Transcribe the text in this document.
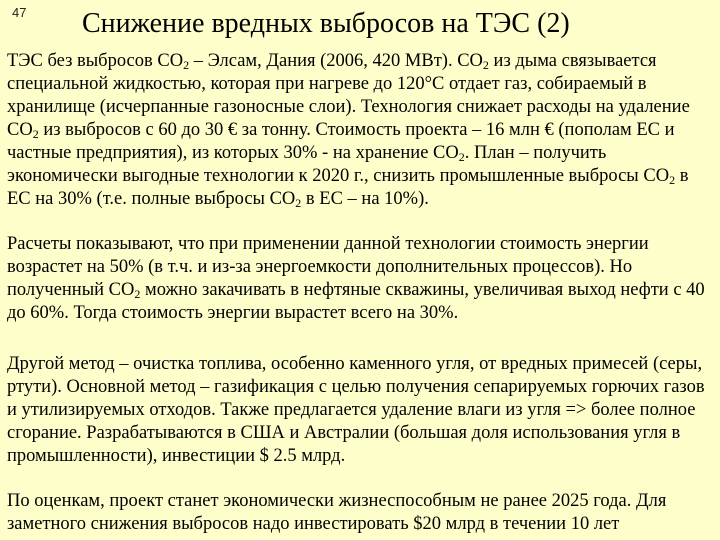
47 Снижение вредных выбросов на ТЭС (2)

ТЭС без выбросов $СО_2$ – Элсам, Дания (2006, 420 МВт). $СО_2$ из дыма связывается специальной жидкостью, которая при нагреве до 120°С отдает газ, собираемый в хранилище (исчерпанные газоносные слои). Технология снижает расходы на удаление $СО_2$ из выбросов с 60 до 30 € за тонну. Стоимость проекта – 16 млн € (пополам ЕС и частные предприятия), из которых 30% - на хранение $СО_2$. План – получить экономически выгодные технологии к 2020 г., снизить промышленные выбросы $СО_2$ в ЕС на 30% (т.е. полные выбросы $СО_2$ в ЕС – на 10%).

Расчеты показывают, что при применении данной технологии стоимость энергии возрастет на 50% (в т.ч. и из-за энергоемкости дополнительных процессов). Но полученный $СО_2$ можно закачивать в нефтяные скважины, увеличивая выход нефти с 40 до 60%. Тогда стоимость энергии вырастет всего на 30%.

Другой метод – очистка топлива, особенно каменного угля, от вредных примесей (серы, ртути). Основной метод – газификация с целью получения сепарируемых горючих газов и утилизируемых отходов. Также предлагается удаление влаги из угля => более полное сгорание. Разрабатываются в США и Австралии (большая доля использования угля в промышленности), инвестиции $ 2.5 млрд.

По оценкам, проект станет экономически жизнеспособным не ранее 2025 года. Для заметного снижения выбросов надо инвестировать $20 млрд в течении 10 лет
